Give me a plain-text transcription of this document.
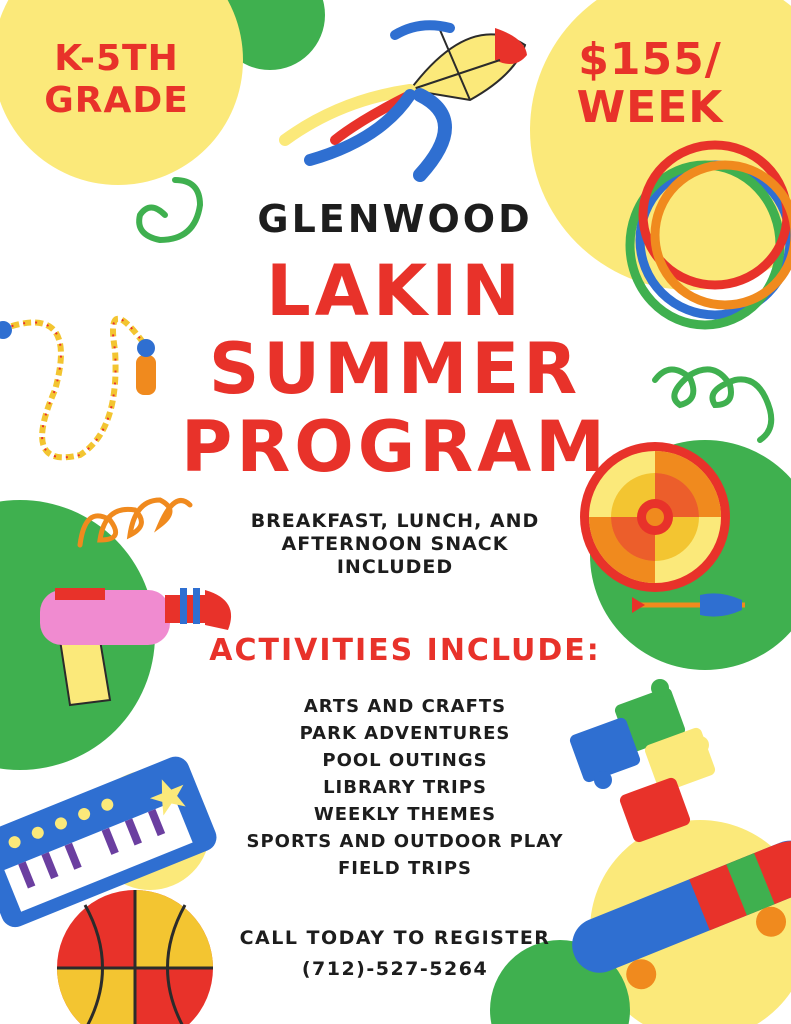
K-5TH
GRADE
$155/
WEEK
GLENWOOD
LAKIN
SUMMER
PROGRAM
BREAKFAST, LUNCH, AND
AFTERNOON SNACK
INCLUDED
ACTIVITIES INCLUDE:
ARTS AND CRAFTS
PARK ADVENTURES
POOL OUTINGS
LIBRARY TRIPS
WEEKLY THEMES
SPORTS AND OUTDOOR PLAY
FIELD TRIPS
CALL TODAY TO REGISTER
(712)-527-5264
